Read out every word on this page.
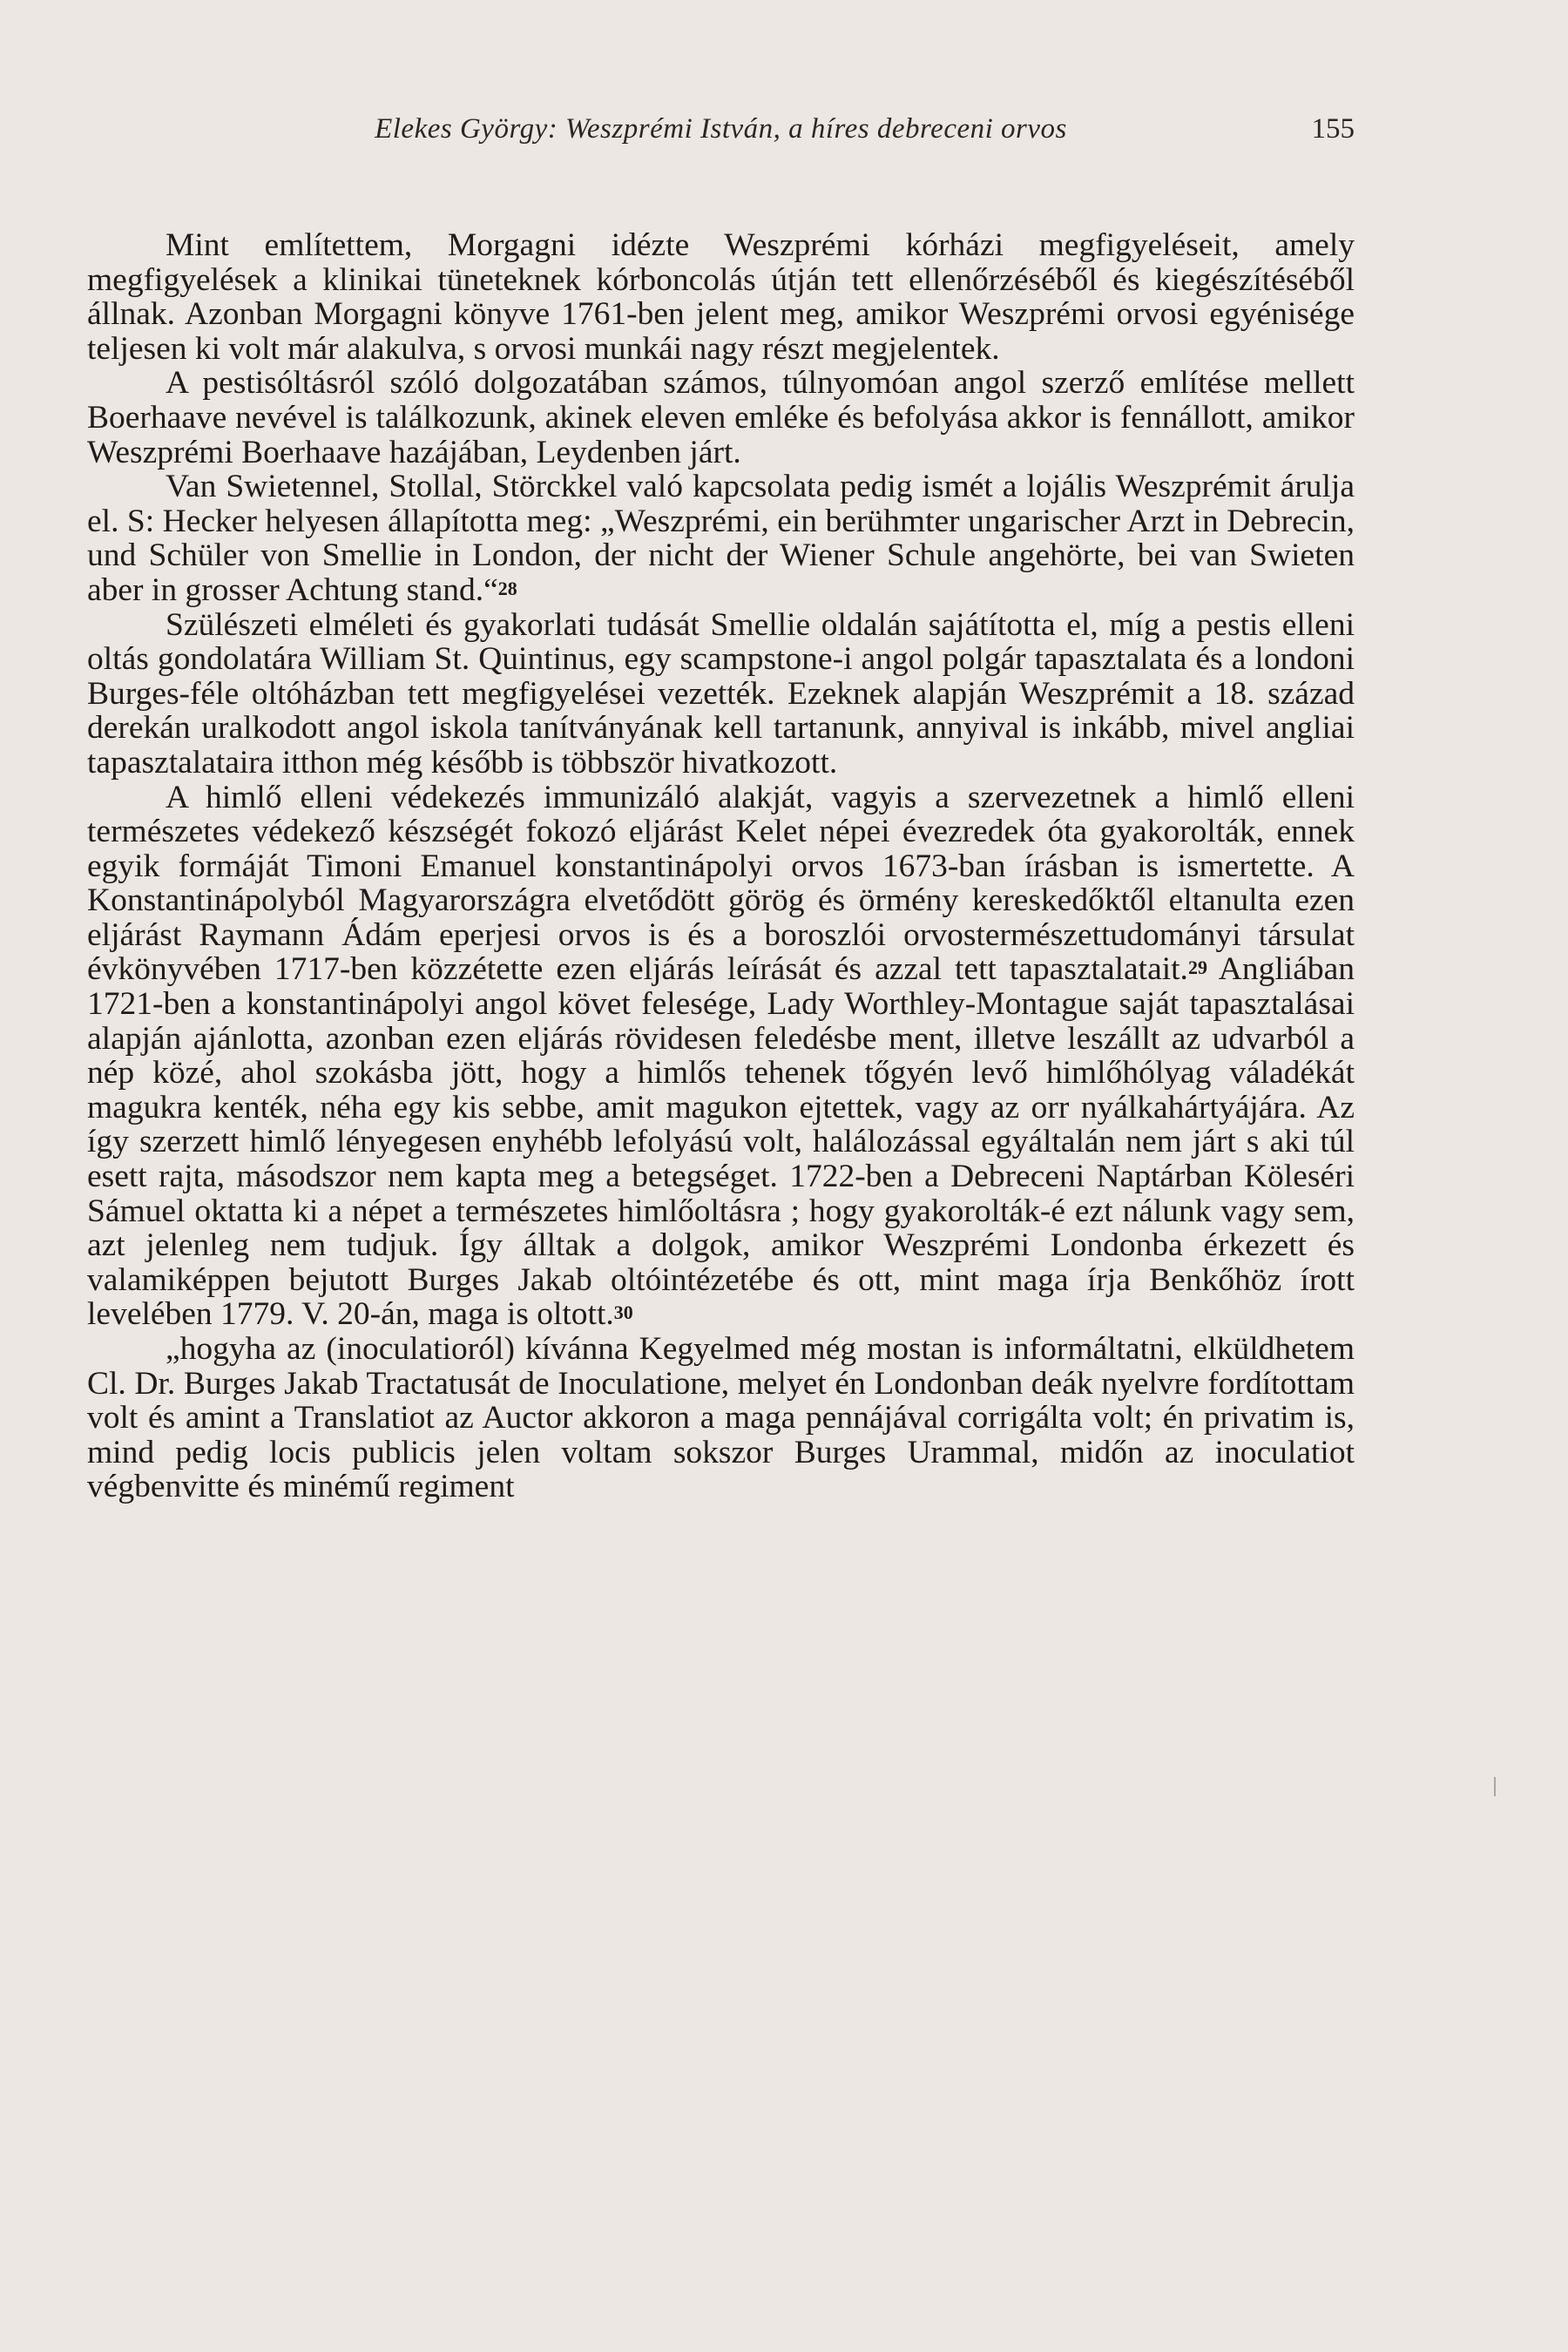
Elekes György: Weszprémi István, a híres debreceni orvos	155

Mint említettem, Morgagni idézte Weszprémi kórházi megfigyeléseit, amely megfigyelések a klinikai tüneteknek kórboncolás útján tett ellenőrzéséből és kiegészítéséből állnak. Azonban Morgagni könyve 1761-ben jelent meg, amikor Weszprémi orvosi egyénisége teljesen ki volt már alakulva, s orvosi munkái nagy részt megjelentek.

A pestisóltásról szóló dolgozatában számos, túlnyomóan angol szerző említése mellett Boerhaave nevével is találkozunk, akinek eleven emléke és befolyása akkor is fennállott, amikor Weszprémi Boerhaave hazájában, Leydenben járt.

Van Swietennel, Stollal, Störckkel való kapcsolata pedig ismét a lojális Weszprémit árulja el. S: Hecker helyesen állapította meg: „Weszprémi, ein berühmter ungarischer Arzt in Debrecin, und Schüler von Smellie in London, der nicht der Wiener Schule angehörte, bei van Swieten aber in grosser Achtung stand.“$^{28}$

Szülészeti elméleti és gyakorlati tudását Smellie oldalán sajátította el, míg a pestis elleni oltás gondolatára William St. Quintinus, egy scampstone-i angol polgár tapasztalata és a londoni Burges-féle oltóházban tett megfigyelései vezették. Ezeknek alapján Weszprémit a 18. század derekán uralkodott angol iskola tanítványának kell tartanunk, annyival is inkább, mivel angliai tapasztalataira itthon még később is többször hivatkozott.

A himlő elleni védekezés immunizáló alakját, vagyis a szervezetnek a himlő elleni természetes védekező készségét fokozó eljárást Kelet népei évezredek óta gyakorolták, ennek egyik formáját Timoni Emanuel konstantinápolyi orvos 1673-ban írásban is ismertette. A Konstantinápolyból Magyarországra elvetődött görög és örmény kereskedőktől eltanulta ezen eljárást Raymann Ádám eperjesi orvos is és a boroszlói orvostermészettudományi társulat évkönyvében 1717-ben közzétette ezen eljárás leírását és azzal tett tapasztalatait.$^{29}$ Angliában 1721-ben a konstantinápolyi angol követ felesége, Lady Worthley-Montague saját tapasztalásai alapján ajánlotta, azonban ezen eljárás rövidesen feledésbe ment, illetve leszállt az udvarból a nép közé, ahol szokásba jött, hogy a himlős tehenek tőgyén levő himlőhólyag váladékát magukra kenték, néha egy kis sebbe, amit magukon ejtettek, vagy az orr nyálkahártyájára. Az így szerzett himlő lényegesen enyhébb lefolyású volt, halálozással egyáltalán nem járt s aki túl esett rajta, másodszor nem kapta meg a betegséget. 1722-ben a Debreceni Naptárban Köleséri Sámuel oktatta ki a népet a természetes himlőoltásra ; hogy gyakorolták-é ezt nálunk vagy sem, azt jelenleg nem tudjuk. Így álltak a dolgok, amikor Weszprémi Londonba érkezett és valamiképpen bejutott Burges Jakab oltóintézetébe és ott, mint maga írja Benkőhöz írott levelében 1779. V. 20-án, maga is oltott.$^{30}$

„hogyha az (inoculatioról) kívánna Kegyelmed még mostan is informáltatni, elküldhetem Cl. Dr. Burges Jakab Tractatusát de Inoculatione, melyet én Londonban deák nyelvre fordítottam volt és amint a Translatiot az Auctor akkoron a maga pennájával corrigálta volt; én privatim is, mind pedig locis publicis jelen voltam sokszor Burges Urammal, midőn az inoculatiot végbenvitte és minémű regiment
